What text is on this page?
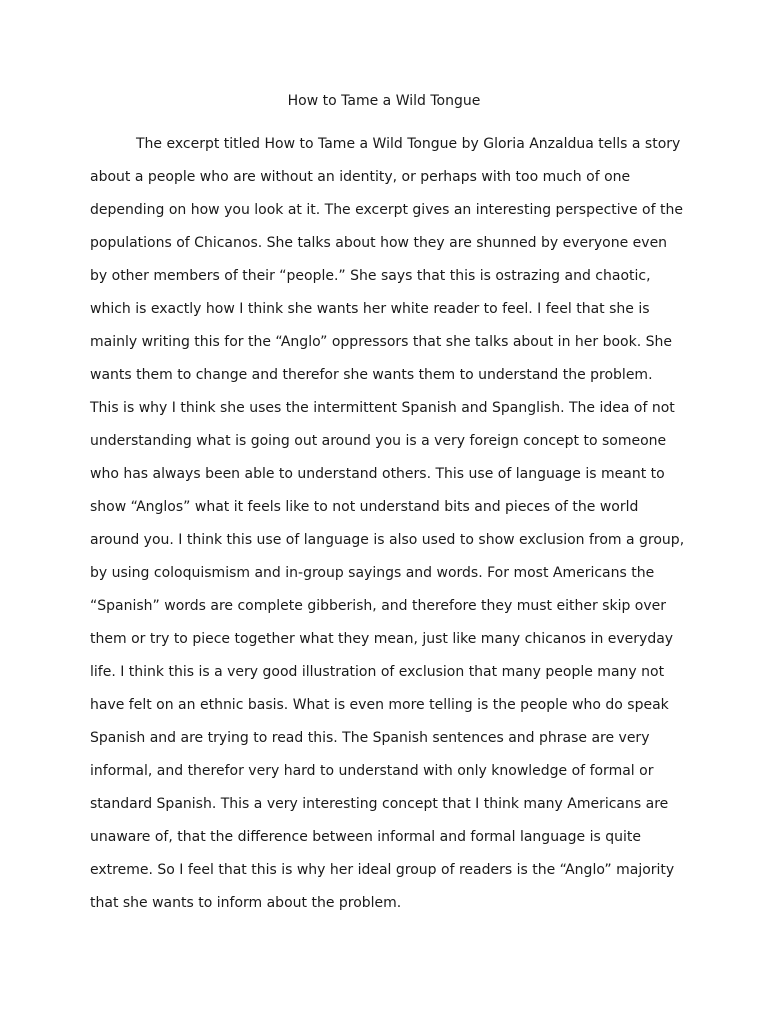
How to Tame a Wild Tongue
The excerpt titled How to Tame a Wild Tongue by Gloria Anzaldua tells a story
about a people who are without an identity, or perhaps with too much of one
depending on how you look at it. The excerpt gives an interesting perspective of the
populations of Chicanos. She talks about how they are shunned by everyone even
by other members of their “people.” She says that this is ostrazing and chaotic,
which is exactly how I think she wants her white reader to feel. I feel that she is
mainly writing this for the “Anglo” oppressors that she talks about in her book. She
wants them to change and therefor she wants them to understand the problem.
This is why I think she uses the intermittent Spanish and Spanglish. The idea of not
understanding what is going out around you is a very foreign concept to someone
who has always been able to understand others. This use of language is meant to
show “Anglos” what it feels like to not understand bits and pieces of the world
around you. I think this use of language is also used to show exclusion from a group,
by using coloquismism and in-group sayings and words. For most Americans the
“Spanish” words are complete gibberish, and therefore they must either skip over
them or try to piece together what they mean, just like many chicanos in everyday
life. I think this is a very good illustration of exclusion that many people many not
have felt on an ethnic basis. What is even more telling is the people who do speak
Spanish and are trying to read this. The Spanish sentences and phrase are very
informal, and therefor very hard to understand with only knowledge of formal or
standard Spanish. This a very interesting concept that I think many Americans are
unaware of, that the difference between informal and formal language is quite
extreme. So I feel that this is why her ideal group of readers is the “Anglo” majority
that she wants to inform about the problem.
